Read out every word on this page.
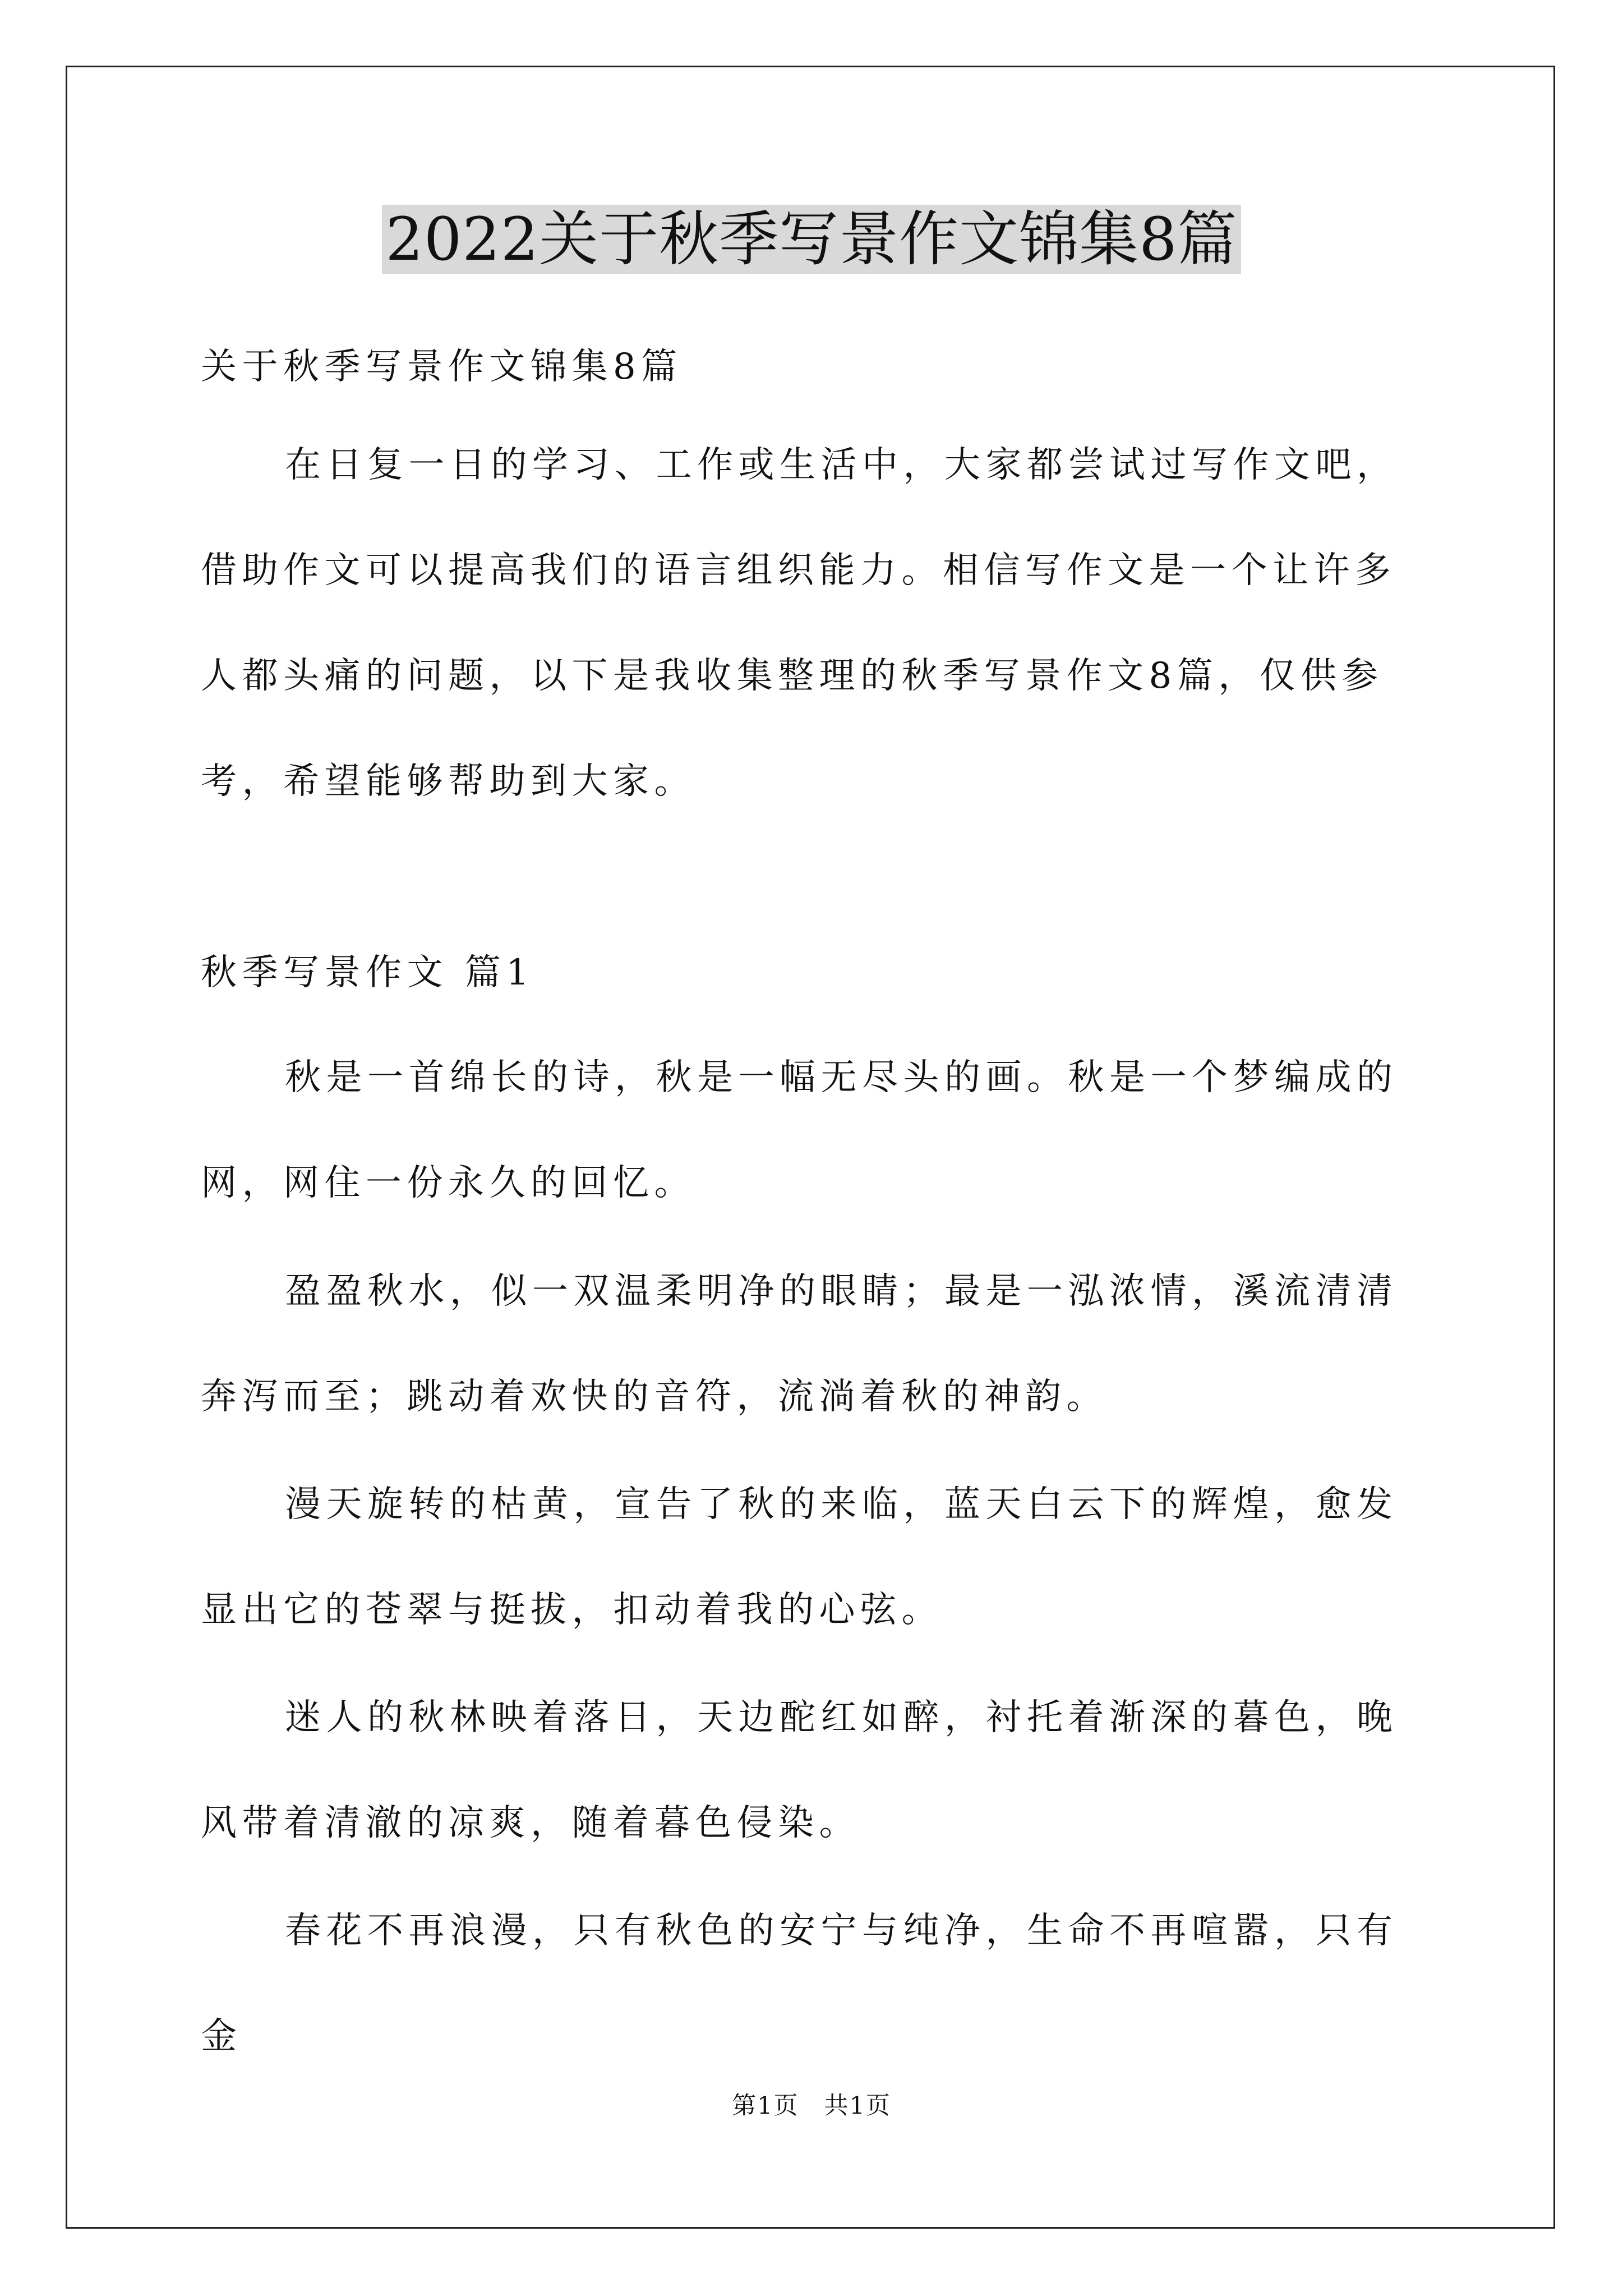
2022关于秋季写景作文锦集8篇

关于秋季写景作文锦集8篇

在日复一日的学习、工作或生活中，大家都尝试过写作文吧，借助作文可以提高我们的语言组织能力。相信写作文是一个让许多人都头痛的问题，以下是我收集整理的秋季写景作文8篇，仅供参考，希望能够帮助到大家。

秋季写景作文 篇1

秋是一首绵长的诗，秋是一幅无尽头的画。秋是一个梦编成的网，网住一份永久的回忆。

盈盈秋水，似一双温柔明净的眼睛；最是一泓浓情，溪流清清奔泻而至；跳动着欢快的音符，流淌着秋的神韵。

漫天旋转的枯黄，宣告了秋的来临，蓝天白云下的辉煌，愈发显出它的苍翠与挺拔，扣动着我的心弦。

迷人的秋林映着落日，天边酡红如醉，衬托着渐深的暮色，晚风带着清澈的凉爽，随着暮色侵染。

春花不再浪漫，只有秋色的安宁与纯净，生命不再喧嚣，只有金

第1页　共1页
